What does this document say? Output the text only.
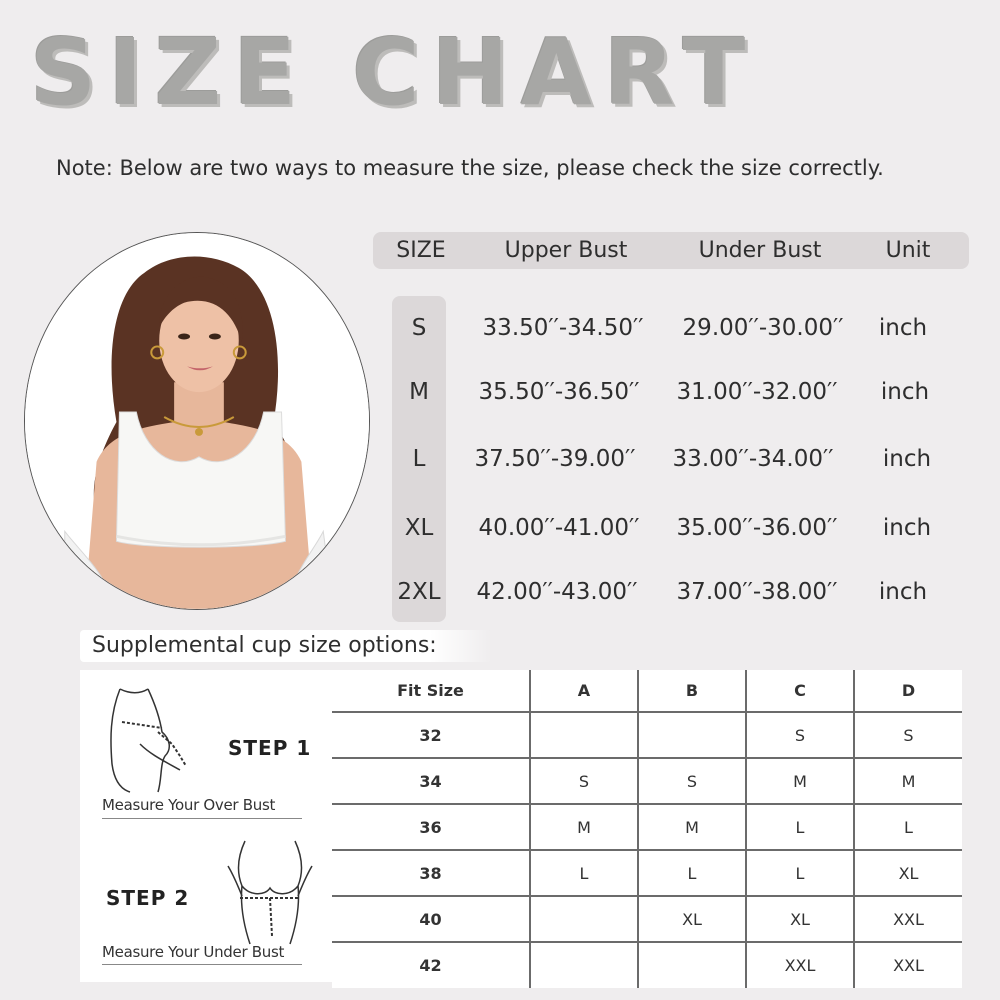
SIZE CHART
Note: Below are two ways to measure the size, please check the size correctly.
SIZE	Upper Bust	Under Bust	Unit
S	33.50′′-34.50′′	29.00′′-30.00′′	inch
M	35.50′′-36.50′′	31.00′′-32.00′′	inch
L	37.50′′-39.00′′	33.00′′-34.00′′	inch
XL	40.00′′-41.00′′	35.00′′-36.00′′	inch
2XL	42.00′′-43.00′′	37.00′′-38.00′′	inch
Supplemental cup size options:
STEP 1
Measure Your Over Bust
STEP 2
Measure Your Under Bust
Fit Size	A	B	C	D
32			S	S
34	S	S	M	M
36	M	M	L	L
38	L	L	L	XL
40		XL	XL	XXL
42			XXL	XXL
